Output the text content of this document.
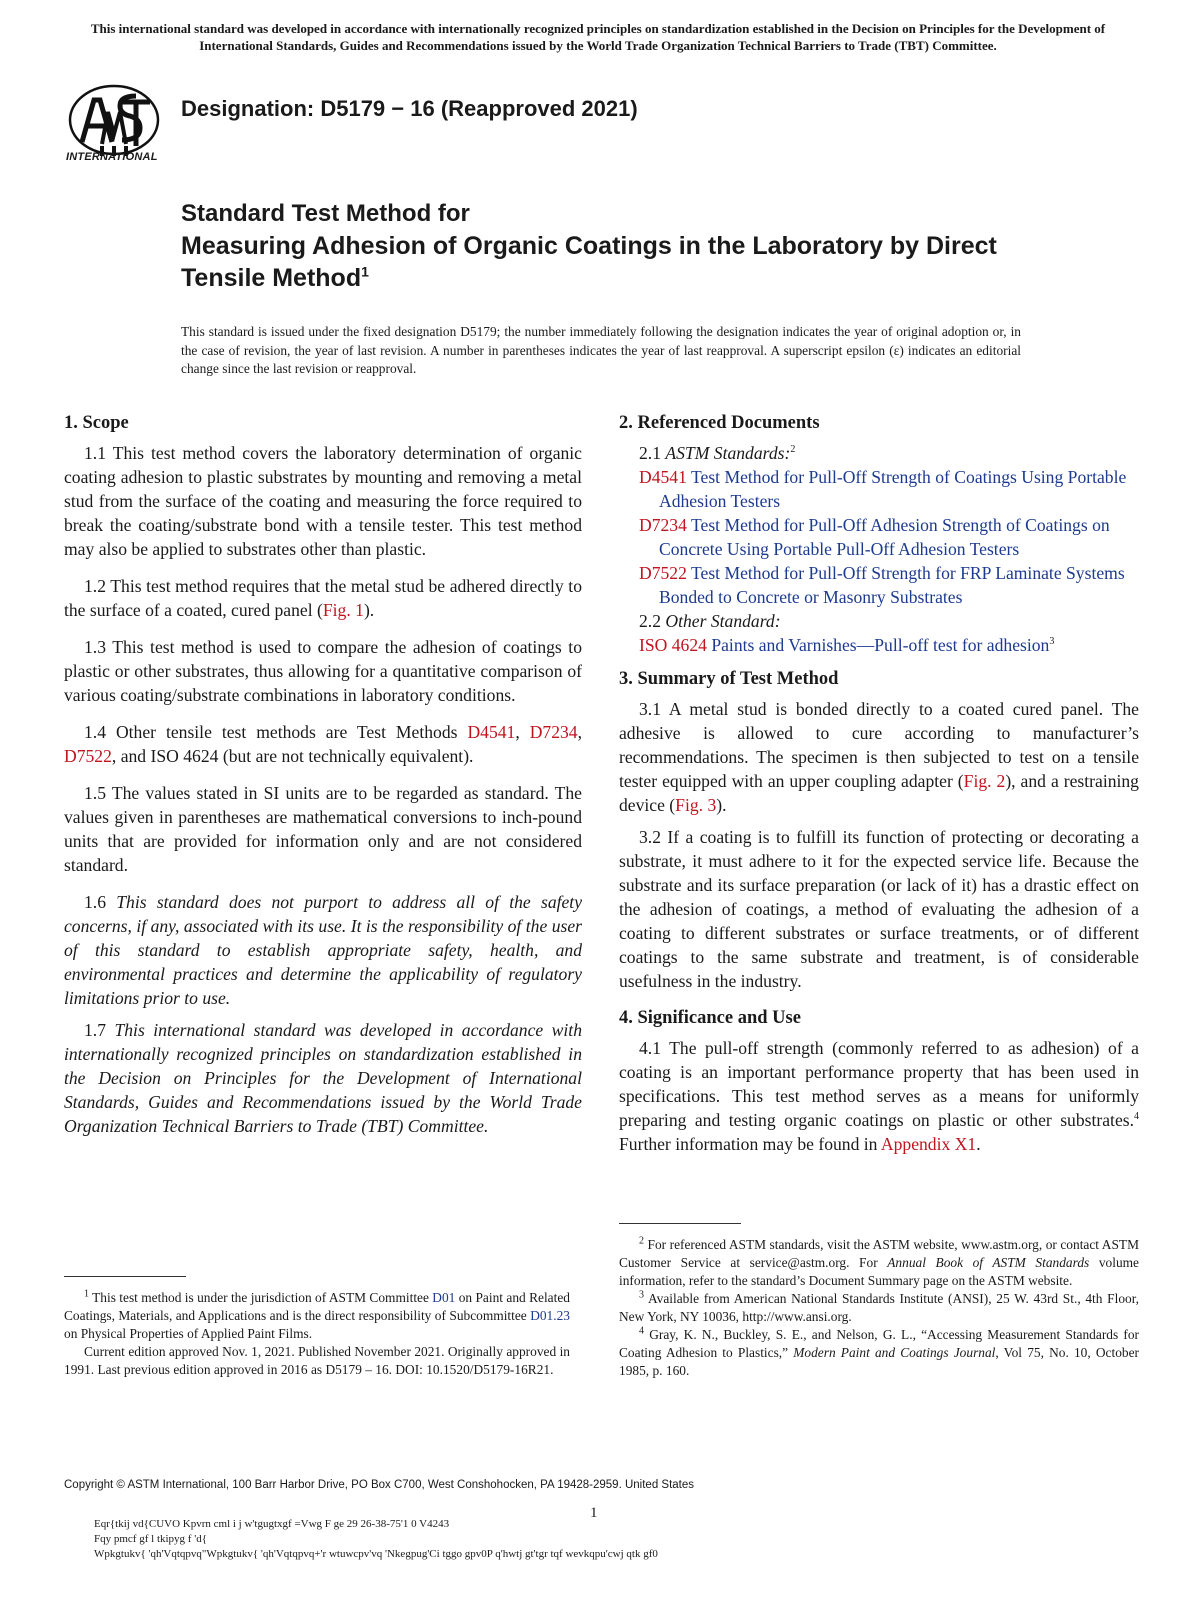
This international standard was developed in accordance with internationally recognized principles on standardization established in the Decision on Principles for the Development of International Standards, Guides and Recommendations issued by the World Trade Organization Technical Barriers to Trade (TBT) Committee.
INTERNATIONAL
Designation: D5179 − 16 (Reapproved 2021)
Standard Test Method for
Measuring Adhesion of Organic Coatings in the Laboratory by Direct Tensile Method$^1$
This standard is issued under the fixed designation D5179; the number immediately following the designation indicates the year of original adoption or, in the case of revision, the year of last revision. A number in parentheses indicates the year of last reapproval. A superscript epsilon (ε) indicates an editorial change since the last revision or reapproval.
1. Scope

1.1 This test method covers the laboratory determination of organic coating adhesion to plastic substrates by mounting and removing a metal stud from the surface of the coating and measuring the force required to break the coating/substrate bond with a tensile tester. This test method may also be applied to substrates other than plastic.

1.2 This test method requires that the metal stud be adhered directly to the surface of a coated, cured panel (Fig. 1).

1.3 This test method is used to compare the adhesion of coatings to plastic or other substrates, thus allowing for a quantitative comparison of various coating/substrate combinations in laboratory conditions.

1.4 Other tensile test methods are Test Methods D4541, D7234, D7522, and ISO 4624 (but are not technically equivalent).

1.5 The values stated in SI units are to be regarded as standard. The values given in parentheses are mathematical conversions to inch-pound units that are provided for information only and are not considered standard.

1.6 This standard does not purport to address all of the safety concerns, if any, associated with its use. It is the responsibility of the user of this standard to establish appropriate safety, health, and environmental practices and determine the applicability of regulatory limitations prior to use.

1.7 This international standard was developed in accordance with internationally recognized principles on standardization established in the Decision on Principles for the Development of International Standards, Guides and Recommendations issued by the World Trade Organization Technical Barriers to Trade (TBT) Committee.

$^1$ This test method is under the jurisdiction of ASTM Committee D01 on Paint and Related Coatings, Materials, and Applications and is the direct responsibility of Subcommittee D01.23 on Physical Properties of Applied Paint Films.

Current edition approved Nov. 1, 2021. Published November 2021. Originally approved in 1991. Last previous edition approved in 2016 as D5179 – 16. DOI: 10.1520/D5179-16R21.

2. Referenced Documents
2.1 ASTM Standards:$^2$
D4541 Test Method for Pull-Off Strength of Coatings Using Portable Adhesion Testers
D7234 Test Method for Pull-Off Adhesion Strength of Coatings on Concrete Using Portable Pull-Off Adhesion Testers
D7522 Test Method for Pull-Off Strength for FRP Laminate Systems Bonded to Concrete or Masonry Substrates
2.2 Other Standard:
ISO 4624 Paints and Varnishes—Pull-off test for adhesion$^3$
3. Summary of Test Method

3.1 A metal stud is bonded directly to a coated cured panel. The adhesive is allowed to cure according to manufacturer’s recommendations. The specimen is then subjected to test on a tensile tester equipped with an upper coupling adapter (Fig. 2), and a restraining device (Fig. 3).

3.2 If a coating is to fulfill its function of protecting or decorating a substrate, it must adhere to it for the expected service life. Because the substrate and its surface preparation (or lack of it) has a drastic effect on the adhesion of coatings, a method of evaluating the adhesion of a coating to different substrates or surface treatments, or of different coatings to the same substrate and treatment, is of considerable usefulness in the industry.

4. Significance and Use

4.1 The pull-off strength (commonly referred to as adhesion) of a coating is an important performance property that has been used in specifications. This test method serves as a means for uniformly preparing and testing organic coatings on plastic or other substrates.$^4$ Further information may be found in Appendix X1.

$^2$ For referenced ASTM standards, visit the ASTM website, www.astm.org, or contact ASTM Customer Service at service@astm.org. For Annual Book of ASTM Standards volume information, refer to the standard’s Document Summary page on the ASTM website.

$^3$ Available from American National Standards Institute (ANSI), 25 W. 43rd St., 4th Floor, New York, NY 10036, http://www.ansi.org.

$^4$ Gray, K. N., Buckley, S. E., and Nelson, G. L., “Accessing Measurement Standards for Coating Adhesion to Plastics,” Modern Paint and Coatings Journal, Vol 75, No. 10, October 1985, p. 160.

Copyright © ASTM International, 100 Barr Harbor Drive, PO Box C700, West Conshohocken, PA 19428-2959. United States
1
Eqr{tkij vd{CUVO Kpvrn cml i j w'tgugtxgf =Vwg F ge 29 26-38-75'1 0 V4243
Fqy pmcf gf l tkipyg f 'd{
Wpkgtukv{ 'qh'Vqtqpvq"Wpkgtukv{ 'qh'Vqtqpvq+'r wtuwcpv'vq 'Nkegpug'Ci tggo gpv0P q'hwtj gt'tgr tqf wevkqpu'cwj qtk gf0
